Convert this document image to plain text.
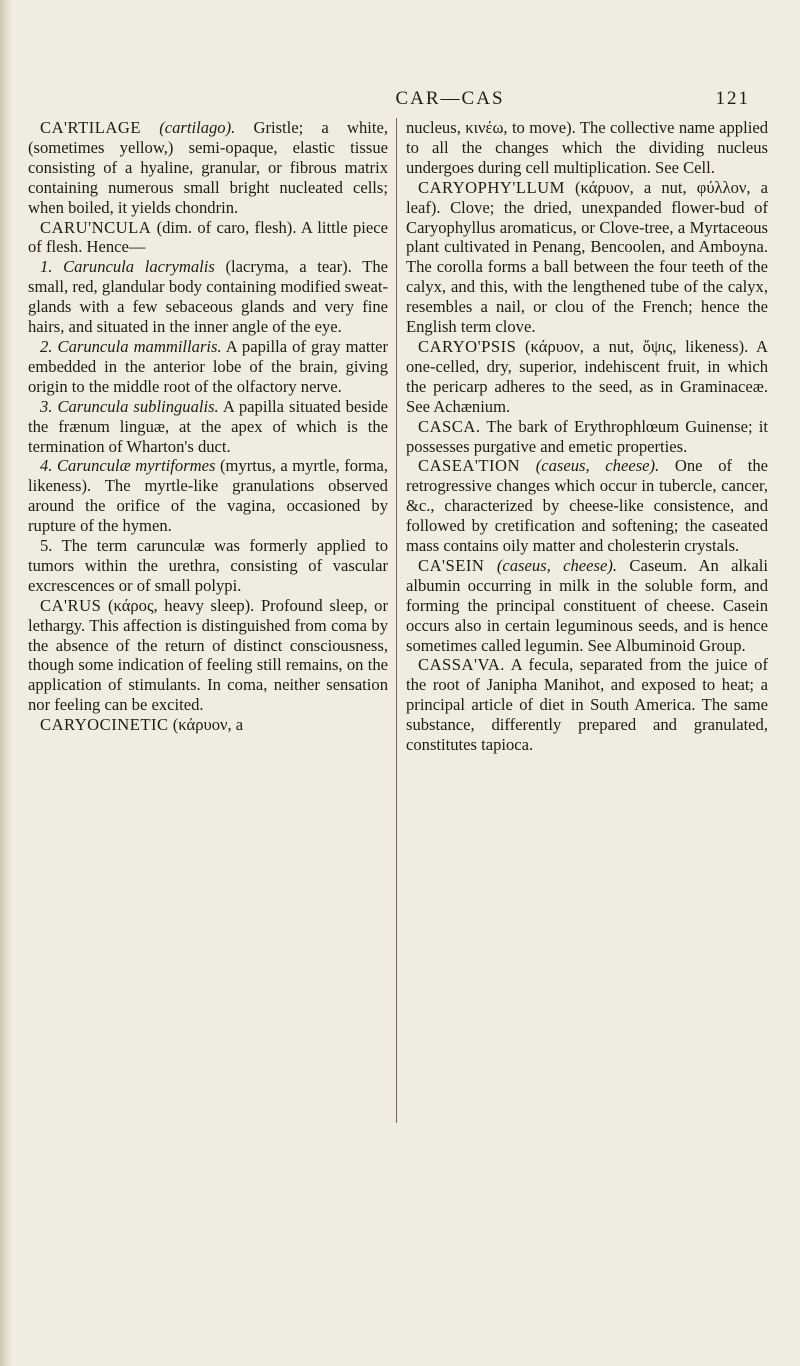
CAR—CAS	121

CA'RTILAGE (cartilago). Gristle; a white, (sometimes yellow,) semi-opaque, elastic tissue consisting of a hyaline, granular, or fibrous matrix containing numerous small bright nucleated cells; when boiled, it yields chondrin.

CARU'NCULA (dim. of caro, flesh). A little piece of flesh. Hence—

1. Caruncula lacrymalis (lacryma, a tear). The small, red, glandular body containing modified sweat-glands with a few sebaceous glands and very fine hairs, and situated in the inner angle of the eye.

2. Caruncula mammillaris. A papilla of gray matter embedded in the anterior lobe of the brain, giving origin to the middle root of the olfactory nerve.

3. Caruncula sublingualis. A papilla situated beside the frænum linguæ, at the apex of which is the termination of Wharton's duct.

4. Carunculæ myrtiformes (myrtus, a myrtle, forma, likeness). The myrtle-like granulations observed around the orifice of the vagina, occasioned by rupture of the hymen.

5. The term carunculæ was formerly applied to tumors within the urethra, consisting of vascular excrescences or of small polypi.

CA'RUS (κάρος, heavy sleep). Profound sleep, or lethargy. This affection is distinguished from coma by the absence of the return of distinct consciousness, though some indication of feeling still remains, on the application of stimulants. In coma, neither sensation nor feeling can be excited.

CARYOCINETIC (κάρυον, a

nucleus, κινέω, to move). The collective name applied to all the changes which the dividing nucleus undergoes during cell multiplication. See Cell.

CARYOPHY'LLUM (κάρυον, a nut, φύλλον, a leaf). Clove; the dried, unexpanded flower-bud of Caryophyllus aromaticus, or Clove-tree, a Myrtaceous plant cultivated in Penang, Bencoolen, and Amboyna. The corolla forms a ball between the four teeth of the calyx, and this, with the lengthened tube of the calyx, resembles a nail, or clou of the French; hence the English term clove.

CARYO'PSIS (κάρυον, a nut, ὄψις, likeness). A one-celled, dry, superior, indehiscent fruit, in which the pericarp adheres to the seed, as in Graminaceæ. See Achænium.

CASCA. The bark of Erythrophlœum Guinense; it possesses purgative and emetic properties.

CASEA'TION (caseus, cheese). One of the retrogressive changes which occur in tubercle, cancer, &c., characterized by cheese-like consistence, and followed by cretification and softening; the caseated mass contains oily matter and cholesterin crystals.

CA'SEIN (caseus, cheese). Caseum. An alkali albumin occurring in milk in the soluble form, and forming the principal constituent of cheese. Casein occurs also in certain leguminous seeds, and is hence sometimes called legumin. See Albuminoid Group.

CASSA'VA. A fecula, separated from the juice of the root of Janipha Manihot, and exposed to heat; a principal article of diet in South America. The same substance, differently prepared and granulated, constitutes tapioca.
